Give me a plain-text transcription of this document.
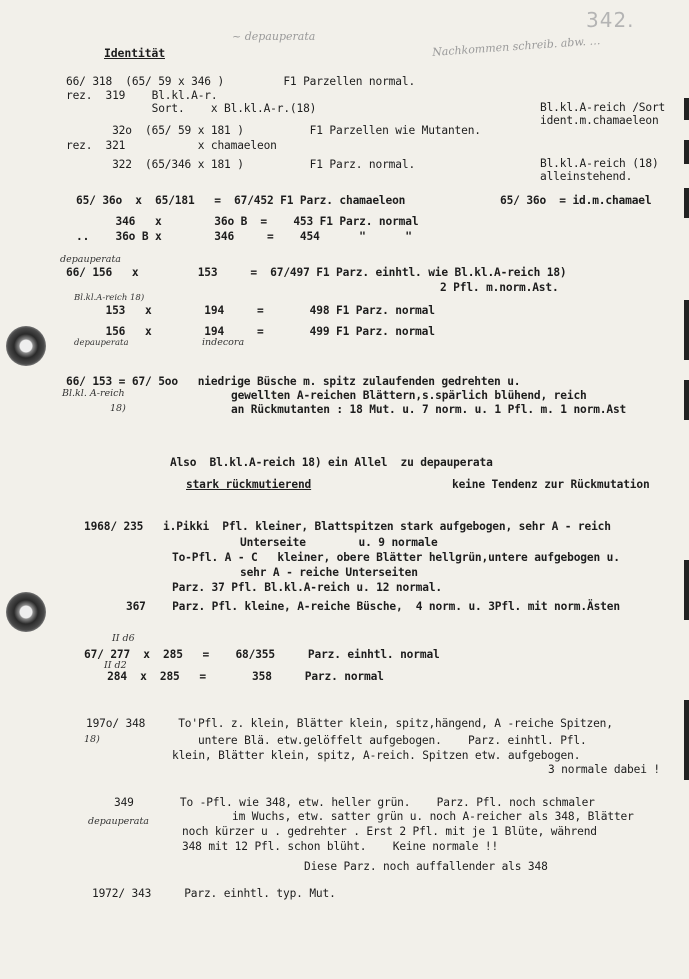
342.
~ depauperata	Nachkommen schreib. abw. …
Identität
66/ 318  (65/ 59 x 346 )         F1 Parzellen normal.
rez.  319    Bl.kl.A-r.
Sort.    x Bl.kl.A-r.(18)	Bl.kl.A-reich /Sort
ident.m.chamaeleon
32o  (65/ 59 x 181 )          F1 Parzellen wie Mutanten.
rez.  321           x chamaeleon
322  (65/346 x 181 )          F1 Parz. normal.	Bl.kl.A-reich (18)
alleinstehend.
65/ 36o  x  65/181   =  67/452 F1 Parz. chamaeleon	65/ 36o  = id.m.chamael
346   x        36o B  =    453 F1 Parz. normal
..    36o B x        346     =    454      "      "
depauperata
66/ 156   x         153     =  67/497 F1 Parz. einhtl. wie Bl.kl.A-reich 18)
2 Pfl. m.norm.Ast.
Bl.kl.A-reich 18)
153   x        194     =       498 F1 Parz. normal
156   x        194     =       499 F1 Parz. normal
depauperata	indecora
66/ 153 = 67/ 5oo   niedrige Büsche m. spitz zulaufenden gedrehten u.
Bl.kl. A-reich	gewellten A-reichen Blättern,s.spärlich blühend, reich
an Rückmutanten : 18 Mut. u. 7 norm. u. 1 Pfl. m. 1 norm.Ast
18)
Also  Bl.kl.A-reich 18) ein Allel  zu depauperata
stark rückmutierend	keine Tendenz zur Rückmutation
1968/ 235   i.Pikki  Pfl. kleiner, Blattspitzen stark aufgebogen, sehr A - reich
Unterseite        u. 9 normale
To-Pfl. A - C   kleiner, obere Blätter hellgrün,untere aufgebogen u.
sehr A - reiche Unterseiten
Parz. 37 Pfl. Bl.kl.A-reich u. 12 normal.
367    Parz. Pfl. kleine, A-reiche Büsche,  4 norm. u. 3Pfl. mit norm.Ästen
II d6
67/ 277  x  285   =    68/355     Parz. einhtl. normal
II d2
284  x  285   =       358     Parz. normal
197o/ 348     To'Pfl. z. klein, Blätter klein, spitz,hängend, A -reiche Spitzen,
18)	untere Blä. etw.gelöffelt aufgebogen.    Parz. einhtl. Pfl.
klein, Blätter klein, spitz, A-reich. Spitzen etw. aufgebogen.
3 normale dabei !
349       To -Pfl. wie 348, etw. heller grün.    Parz. Pfl. noch schmaler
im Wuchs, etw. satter grün u. noch A-reicher als 348, Blätter
depauperata
noch kürzer u . gedrehter . Erst 2 Pfl. mit je 1 Blüte, während
348 mit 12 Pfl. schon blüht.    Keine normale !!
Diese Parz. noch auffallender als 348
1972/ 343     Parz. einhtl. typ. Mut.
